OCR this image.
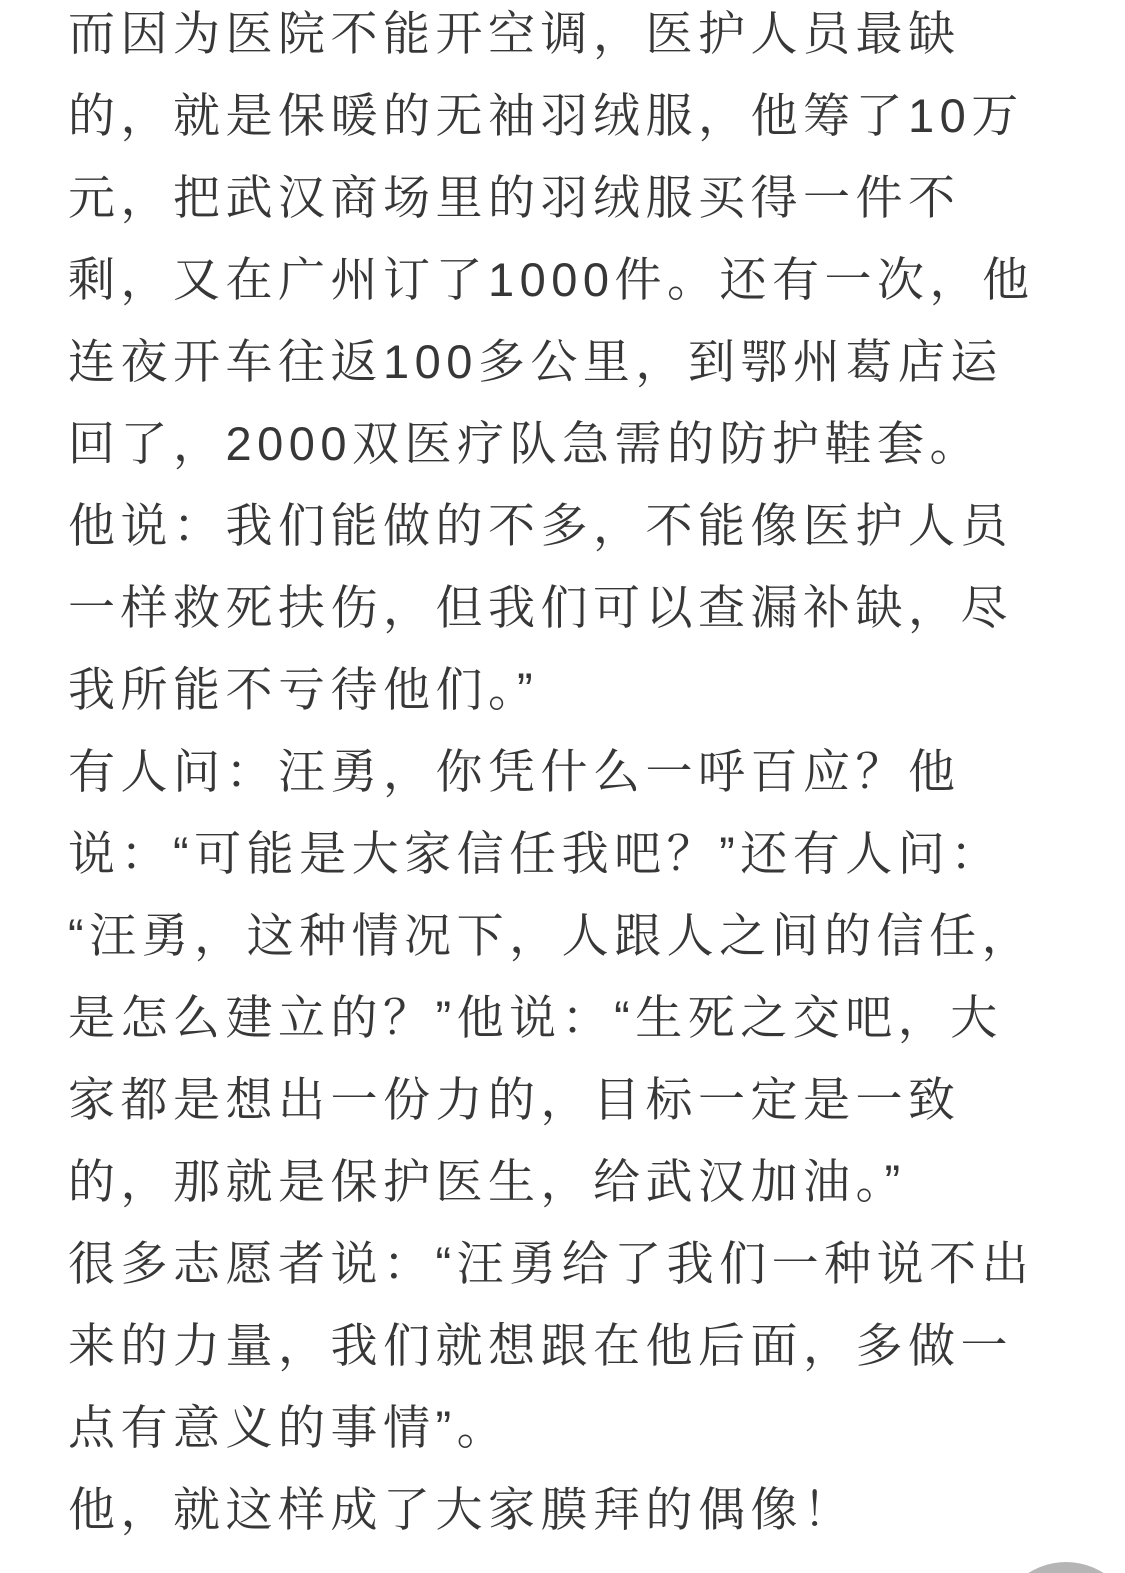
而因为医院不能开空调，医护人员最缺
的，就是保暖的无袖羽绒服，他筹了10万
元，把武汉商场里的羽绒服买得一件不
剩，又在广州订了1000件。还有一次，他
连夜开车往返100多公里，到鄂州葛店运
回了，2000双医疗队急需的防护鞋套。
他说：我们能做的不多，不能像医护人员
一样救死扶伤，但我们可以查漏补缺，尽
我所能不亏待他们。”
有人问：汪勇，你凭什么一呼百应？他
说：“可能是大家信任我吧？”还有人问：
“汪勇，这种情况下，人跟人之间的信任，
是怎么建立的？”他说：“生死之交吧，大
家都是想出一份力的，目标一定是一致
的，那就是保护医生，给武汉加油。”
很多志愿者说：“汪勇给了我们一种说不出
来的力量，我们就想跟在他后面，多做一
点有意义的事情”。
他，就这样成了大家膜拜的偶像！
